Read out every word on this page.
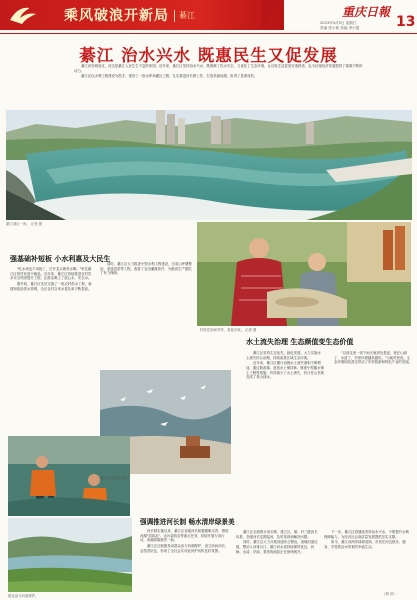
乘风破浪开新局 綦江	重庆日報
2023年3月5日 星期日
责编 张小莉 美编 李小霞	13
綦江 治水兴水 既惠民生又促发展

綦江河穿城而过，河边是綦江人民生生不息的家园。近年来，綦江区坚持治水兴水，既保障了饮水安全，又优化了生态环境，让百姓生活更加安逸舒适，也为区域经济发展提供了源源不断的动力。

綦江区以水利工程建设为抓手，建设了一批水库和灌区工程，扎实推进河长制工作，打造美丽河湖，取得了显著成效。

綦江城区一角。 记者 摄
强基础补短板 小水利惠及大民生

"吃水再也不用挑了，打开龙头就有水喝。"家住綦江区的村民高兴地说。近年来，綦江区持续推进农村饮水安全巩固提升工程，让群众喝上了放心水、安全水。

据介绍，綦江区先后实施了一批农村供水工程，新建和改造供水管网，全区农村自来水普及率不断提高。

同时，綦江区大力推进小型水利工程建设，完成山坪塘整治、渠道清淤等工程，改善了农田灌溉条件，为粮食生产提供了有力保障。

村民在田间劳作，喜迎丰收。 记者 摄
水土流失治理 生态颜值变生态价值

綦江区坚持生态优先、绿色发展，大力实施水土流失综合治理，持续改善区域生态环境。

近年来，綦江区累计治理水土流失面积不断增加，通过坡改梯、营造水土保持林、修建小型蓄水保土工程等措施，有效减少了水土流失，昔日荒山荒坡变成了青山绿水。

"以前这里一到下雨天就到处是泥，现在山绿了、水清了，村里环境越来越好。"当地村民说。生态环境的改善还带动了乡村旅游和特色产业的发展。

綦江河面碧波荡漾。
强调推进河长制 畅水清岸绿景美

河长制实施以来，綦江区各级河长积极履职尽责，围绕河湖"清四乱"、水污染防治等重点任务，持续开展专项行动，河湖面貌焕然一新。

綦江区还积极发动群众参与河湖保护，设立民间河长、志愿者队伍，形成了全社会共同爱河护河的良好氛围。

綦江区全面推行河长制，建立区、镇、村三级河长体系，各级河长定期巡河，及时发现和解决问题。

同时，綦江区大力开展河道综合整治，清理河道垃圾，整治入河排污口，綦江河水质持续保持优良，河畅、水清、岸绿、景美的画卷正在徐徐展开。

下一步，綦江区将继续坚持治水兴水，不断提升水利保障能力，为经济社会高质量发展提供坚实支撑。

如今，綦江河两岸绿树成荫，市民在河边散步、健身，享受着治水带来的幸福生活。

群众参与河道保护。	（刘 洋）
